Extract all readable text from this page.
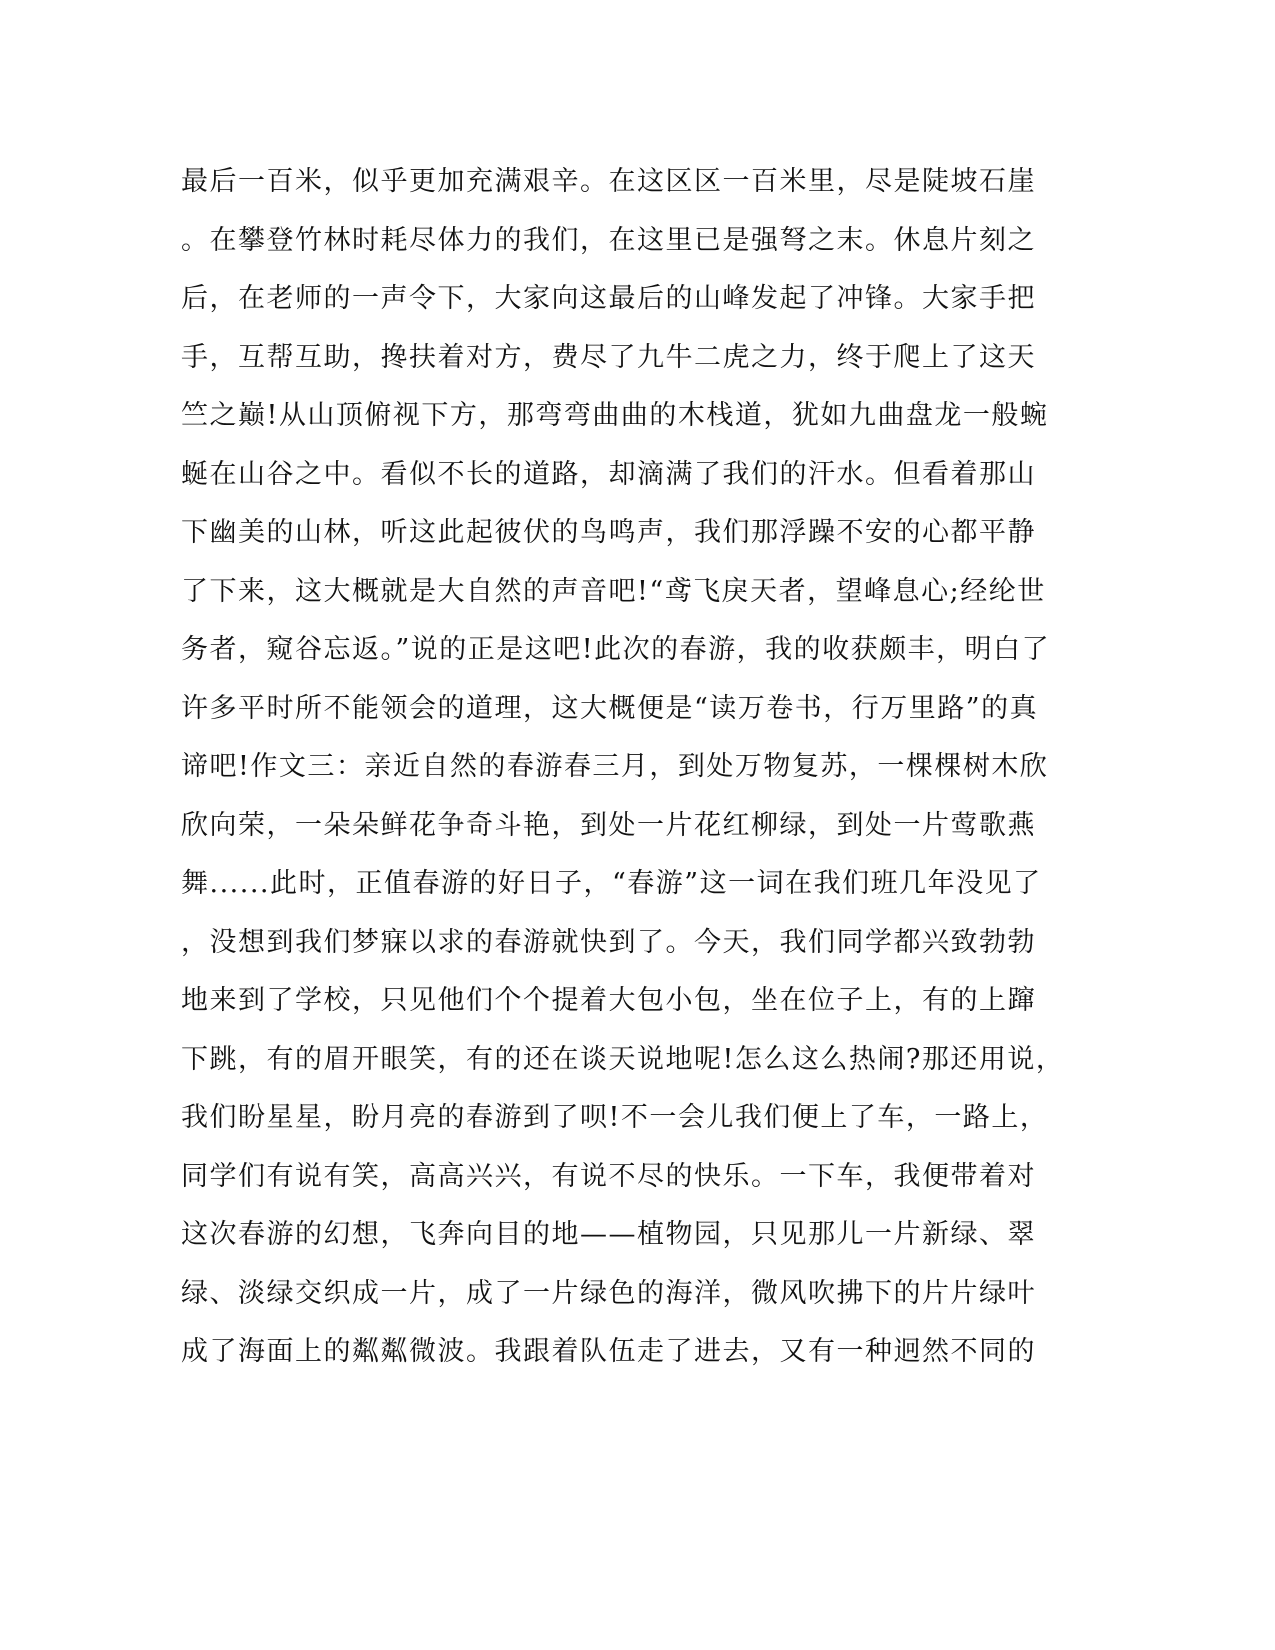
最后一百米，似乎更加充满艰辛。在这区区一百米里，尽是陡坡石崖
。在攀登竹林时耗尽体力的我们，在这里已是强弩之末。休息片刻之
后，在老师的一声令下，大家向这最后的山峰发起了冲锋。大家手把
手，互帮互助，搀扶着对方，费尽了九牛二虎之力，终于爬上了这天
竺之巅!从山顶俯视下方，那弯弯曲曲的木栈道，犹如九曲盘龙一般蜿
蜒在山谷之中。看似不长的道路，却滴满了我们的汗水。但看着那山
下幽美的山林，听这此起彼伏的鸟鸣声，我们那浮躁不安的心都平静
了下来，这大概就是大自然的声音吧!“鸢飞戾天者，望峰息心;经纶世
务者，窥谷忘返。”说的正是这吧!此次的春游，我的收获颇丰，明白了
许多平时所不能领会的道理，这大概便是“读万卷书，行万里路”的真
谛吧!作文三：亲近自然的春游春三月，到处万物复苏，一棵棵树木欣
欣向荣，一朵朵鲜花争奇斗艳，到处一片花红柳绿，到处一片莺歌燕
舞......此时，正值春游的好日子，“春游”这一词在我们班几年没见了
，没想到我们梦寐以求的春游就快到了。今天，我们同学都兴致勃勃
地来到了学校，只见他们个个提着大包小包，坐在位子上，有的上蹿
下跳，有的眉开眼笑，有的还在谈天说地呢!怎么这么热闹?那还用说，
我们盼星星，盼月亮的春游到了呗!不一会儿我们便上了车，一路上，
同学们有说有笑，高高兴兴，有说不尽的快乐。一下车，我便带着对
这次春游的幻想，飞奔向目的地——植物园，只见那儿一片新绿、翠
绿、淡绿交织成一片，成了一片绿色的海洋，微风吹拂下的片片绿叶
成了海面上的粼粼微波。我跟着队伍走了进去，又有一种迥然不同的
